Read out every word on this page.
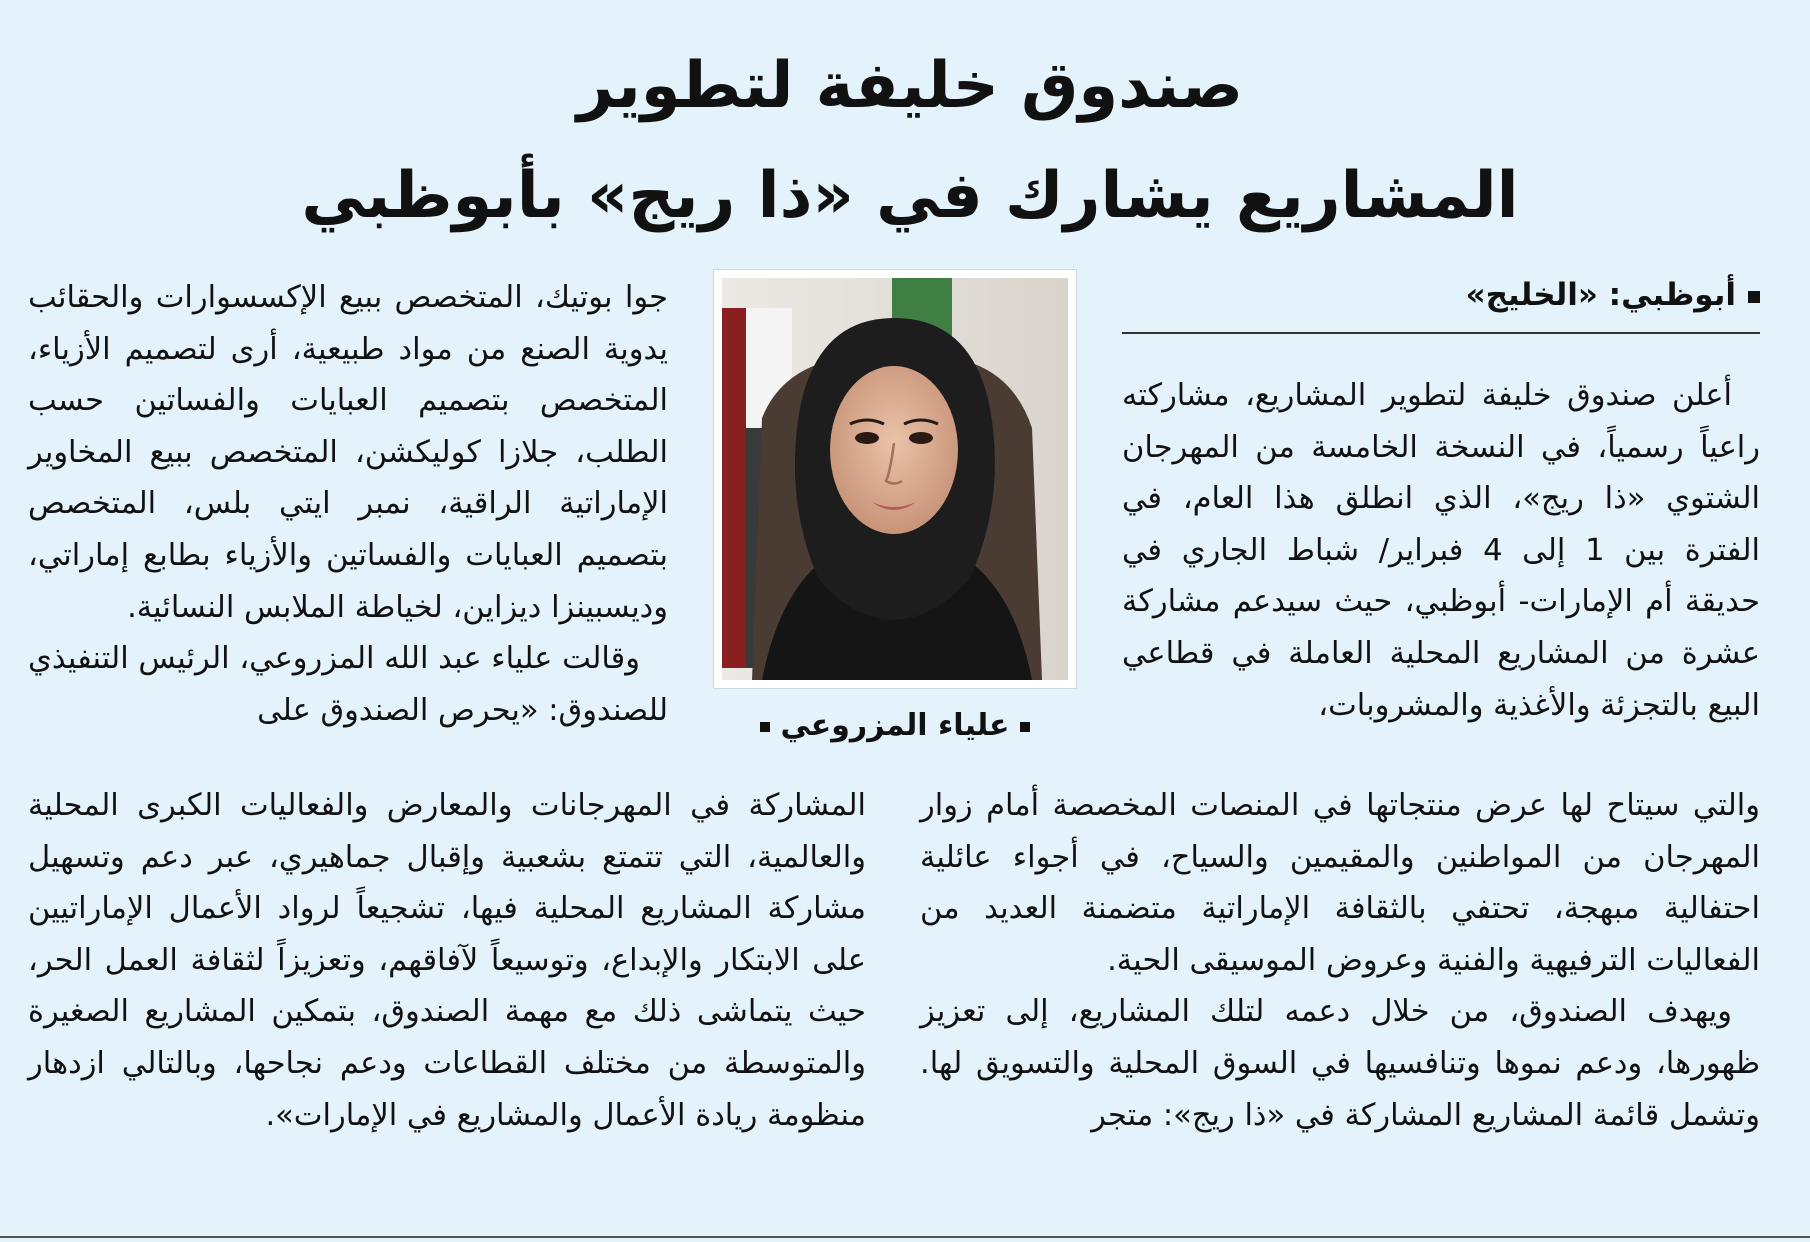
صندوق خليفة لتطوير
المشاريع يشارك في «ذا ريج» بأبوظبي
أبوظبي: «الخليج»

أعلن صندوق خليفة لتطوير المشاريع، مشاركته راعياً رسمياً، في النسخة الخامسة من المهرجان الشتوي «ذا ريج»، الذي انطلق هذا العام، في الفترة بين 1 إلى 4 فبراير/ شباط الجاري في حديقة أم الإمارات- أبوظبي، حيث سيدعم مشاركة عشرة من المشاريع المحلية العاملة في قطاعي البيع بالتجزئة والأغذية والمشروبات،

والتي سيتاح لها عرض منتجاتها في المنصات المخصصة أمام زوار المهرجان من المواطنين والمقيمين والسياح، في أجواء عائلية احتفالية مبهجة، تحتفي بالثقافة الإماراتية متضمنة العديد من الفعاليات الترفيهية والفنية وعروض الموسيقى الحية.

ويهدف الصندوق، من خلال دعمه لتلك المشاريع، إلى تعزيز ظهورها، ودعم نموها وتنافسيها في السوق المحلية والتسويق لها. وتشمل قائمة المشاريع المشاركة في «ذا ريج»: متجر

جوا بوتيك، المتخصص ببيع الإكسسوارات والحقائب يدوية الصنع من مواد طبيعية، أرى لتصميم الأزياء، المتخصص بتصميم العبايات والفساتين حسب الطلب، جلازا كوليكشن، المتخصص ببيع المخاوير الإماراتية الراقية، نمبر ايتي بلس، المتخصص بتصميم العبايات والفساتين والأزياء بطابع إماراتي، وديسبينزا ديزاين، لخياطة الملابس النسائية.

وقالت علياء عبد الله المزروعي، الرئيس التنفيذي للصندوق: «يحرص الصندوق على

المشاركة في المهرجانات والمعارض والفعاليات الكبرى المحلية والعالمية، التي تتمتع بشعبية وإقبال جماهيري، عبر دعم وتسهيل مشاركة المشاريع المحلية فيها، تشجيعاً لرواد الأعمال الإماراتيين على الابتكار والإبداع، وتوسيعاً لآفاقهم، وتعزيزاً لثقافة العمل الحر، حيث يتماشى ذلك مع مهمة الصندوق، بتمكين المشاريع الصغيرة والمتوسطة من مختلف القطاعات ودعم نجاحها، وبالتالي ازدهار منظومة ريادة الأعمال والمشاريع في الإمارات».

علياء المزروعي
